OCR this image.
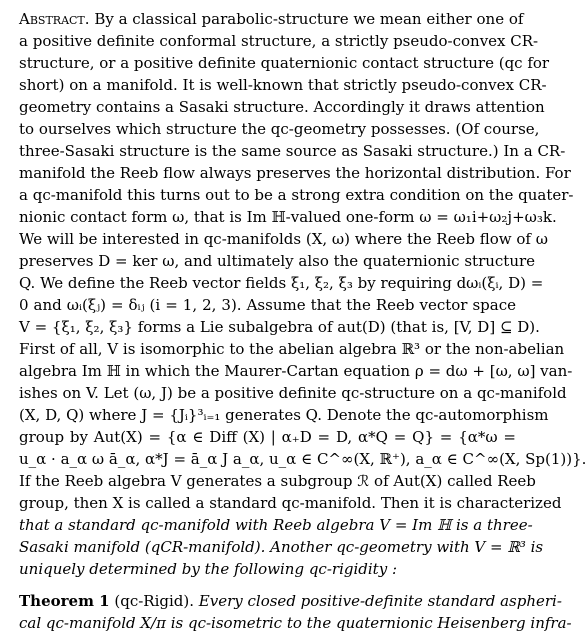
Abstract. By a classical parabolic-structure we mean either one of
a positive definite conformal structure, a strictly pseudo-convex CR-
structure, or a positive definite quaternionic contact structure (qc for
short) on a manifold. It is well-known that strictly pseudo-convex CR-
geometry contains a Sasaki structure. Accordingly it draws attention
to ourselves which structure the qc-geometry possesses. (Of course,
three-Sasaki structure is the same source as Sasaki structure.) In a CR-
manifold the Reeb flow always preserves the horizontal distribution. For
a qc-manifold this turns out to be a strong extra condition on the quater-
nionic contact form ω, that is Im ℍ-valued one-form ω = ω₁i+ω₂j+ω₃k.
We will be interested in qc-manifolds (X, ω) where the Reeb flow of ω
preserves D = ker ω, and ultimately also the quaternionic structure
Q. We define the Reeb vector fields ξ₁, ξ₂, ξ₃ by requiring dωᵢ(ξᵢ, D) =
0 and ωᵢ(ξⱼ) = δᵢⱼ (i = 1, 2, 3). Assume that the Reeb vector space
V = {ξ₁, ξ₂, ξ₃} forms a Lie subalgebra of aut(D) (that is, [V, D] ⊆ D).
First of all, V is isomorphic to the abelian algebra ℝ³ or the non-abelian
algebra Im ℍ in which the Maurer-Cartan equation ρ = dω + [ω, ω] van-
ishes on V. Let (ω, J) be a positive definite qc-structure on a qc-manifold
(X, D, Q) where J = {Jᵢ}³ᵢ₌₁ generates Q. Denote the qc-automorphism
group by Aut(X) = {α ∈ Diff (X) | α₊D = D, α*Q = Q} = {α*ω =
u_α · a_α ω ā_α, α*J = ā_α J a_α, u_α ∈ C^∞(X, ℝ⁺), a_α ∈ C^∞(X, Sp(1))}.
If the Reeb algebra V generates a subgroup ℛ of Aut(X) called Reeb
group, then X is called a standard qc-manifold. Then it is characterized
that a standard qc-manifold with Reeb algebra V = Im ℍ is a three-
Sasaki manifold (qCR-manifold). Another qc-geometry with V = ℝ³ is
uniquely determined by the following qc-rigidity :
Theorem 1 (qc-Rigid). Every closed positive-definite standard aspheri-
cal qc-manifold X/π is qc-isometric to the quaternionic Heisenberg infra-
